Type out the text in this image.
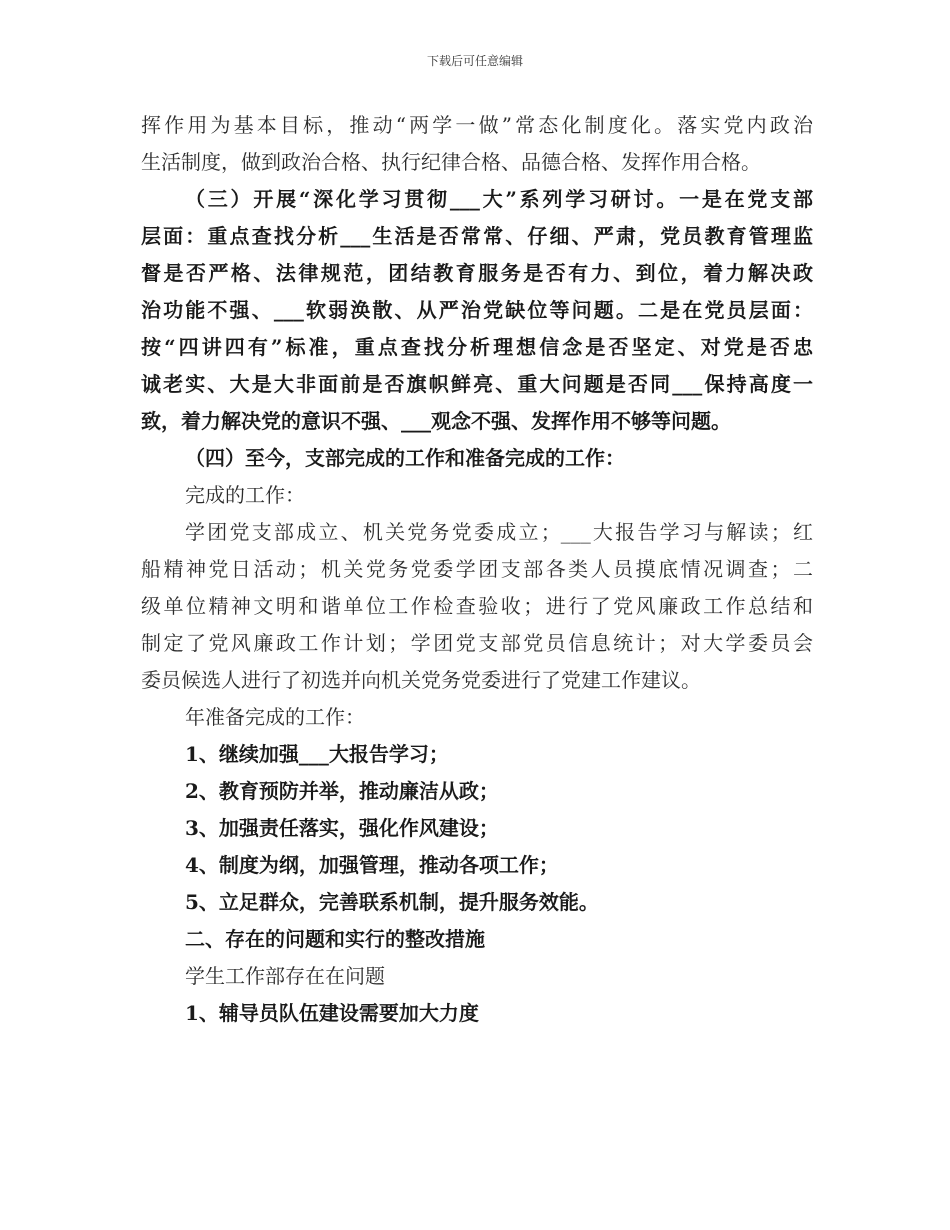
下载后可任意编辑
挥作用为基本目标，推动“两学一做”常态化制度化。落实党内政治
生活制度，做到政治合格、执行纪律合格、品德合格、发挥作用合格。
（三）开展“深化学习贯彻___大”系列学习研讨。一是在党支部
层面：重点查找分析___生活是否常常、仔细、严肃，党员教育管理监
督是否严格、法律规范，团结教育服务是否有力、到位，着力解决政
治功能不强、___软弱涣散、从严治党缺位等问题。二是在党员层面：
按“四讲四有”标准，重点查找分析理想信念是否坚定、对党是否忠
诚老实、大是大非面前是否旗帜鲜亮、重大问题是否同___保持高度一
致，着力解决党的意识不强、___观念不强、发挥作用不够等问题。
（四）至今，支部完成的工作和准备完成的工作：
完成的工作：
学团党支部成立、机关党务党委成立；___大报告学习与解读；红
船精神党日活动；机关党务党委学团支部各类人员摸底情况调查；二
级单位精神文明和谐单位工作检查验收；进行了党风廉政工作总结和
制定了党风廉政工作计划；学团党支部党员信息统计；对大学委员会
委员候选人进行了初选并向机关党务党委进行了党建工作建议。
年准备完成的工作：
1、继续加强___大报告学习；
2、教育预防并举，推动廉洁从政；
3、加强责任落实，强化作风建设；
4、制度为纲，加强管理，推动各项工作；
5、立足群众，完善联系机制，提升服务效能。
二、存在的问题和实行的整改措施
学生工作部存在在问题
1、辅导员队伍建设需要加大力度
